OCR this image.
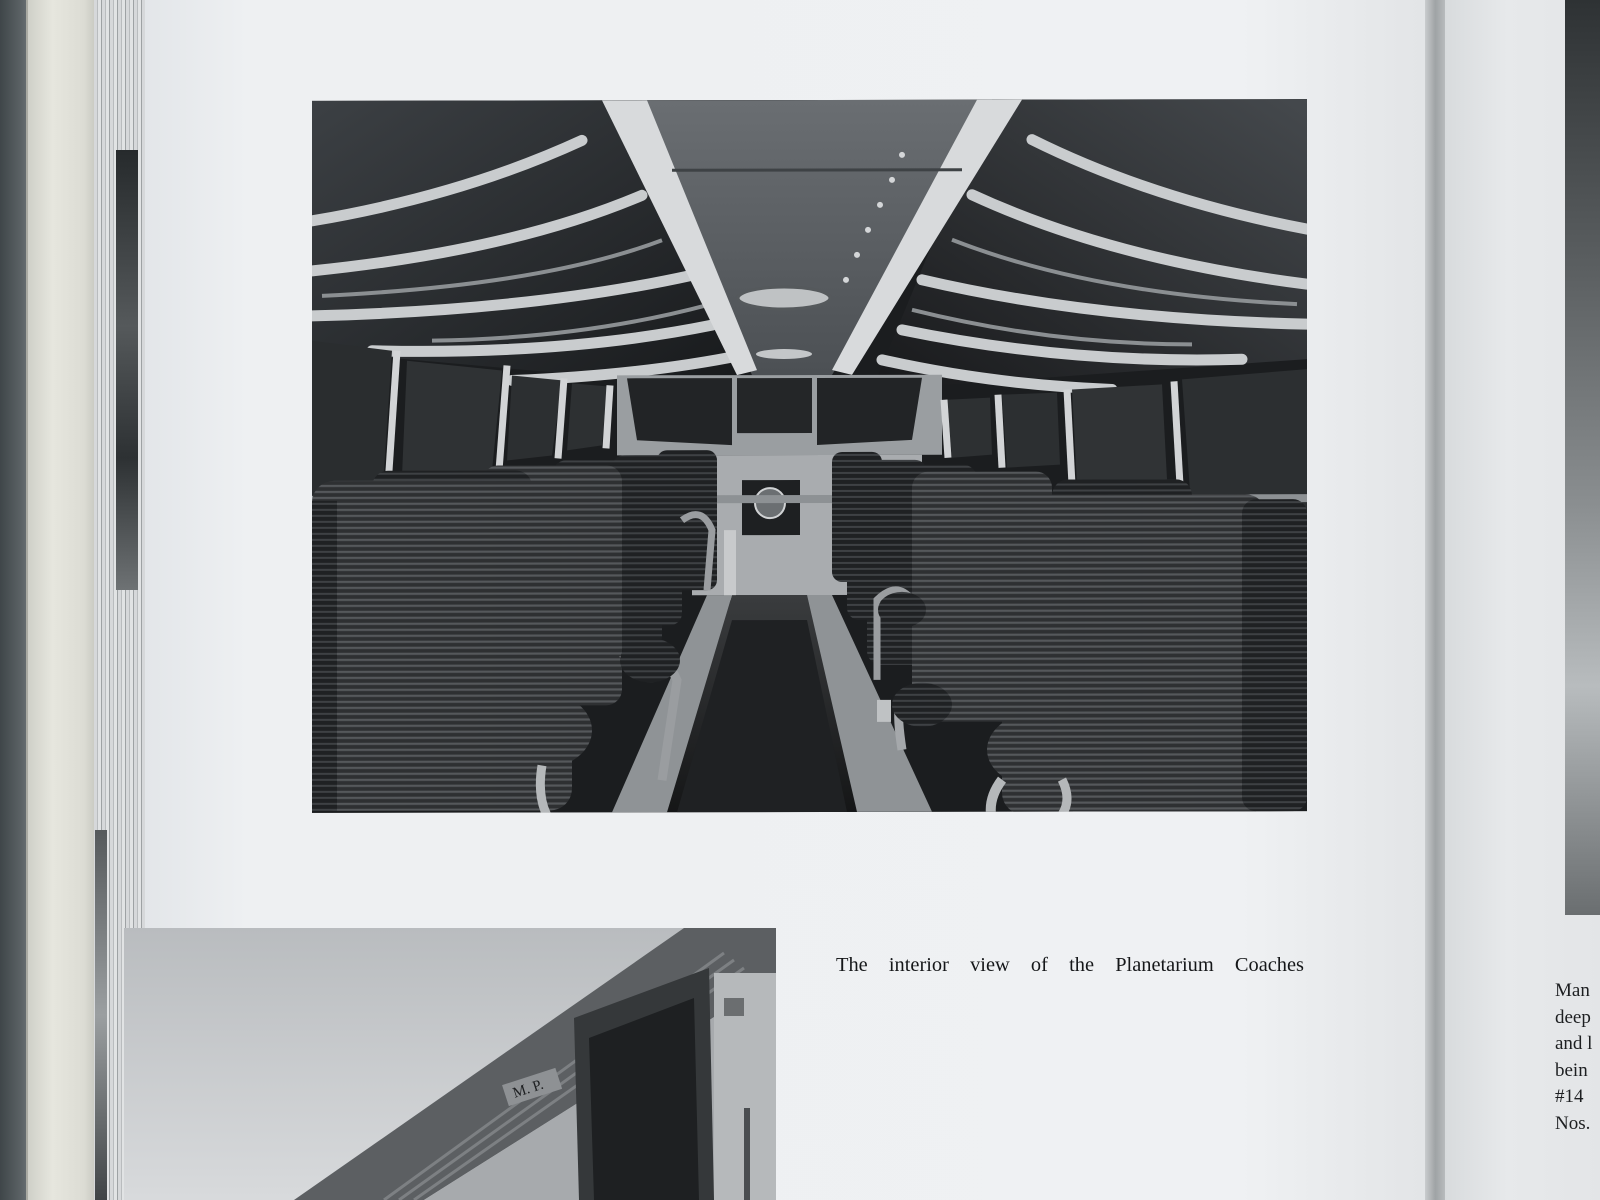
Man
deep
and l
bein
#14
Nos.
M. P.
The interior view of the Planetarium Coaches
